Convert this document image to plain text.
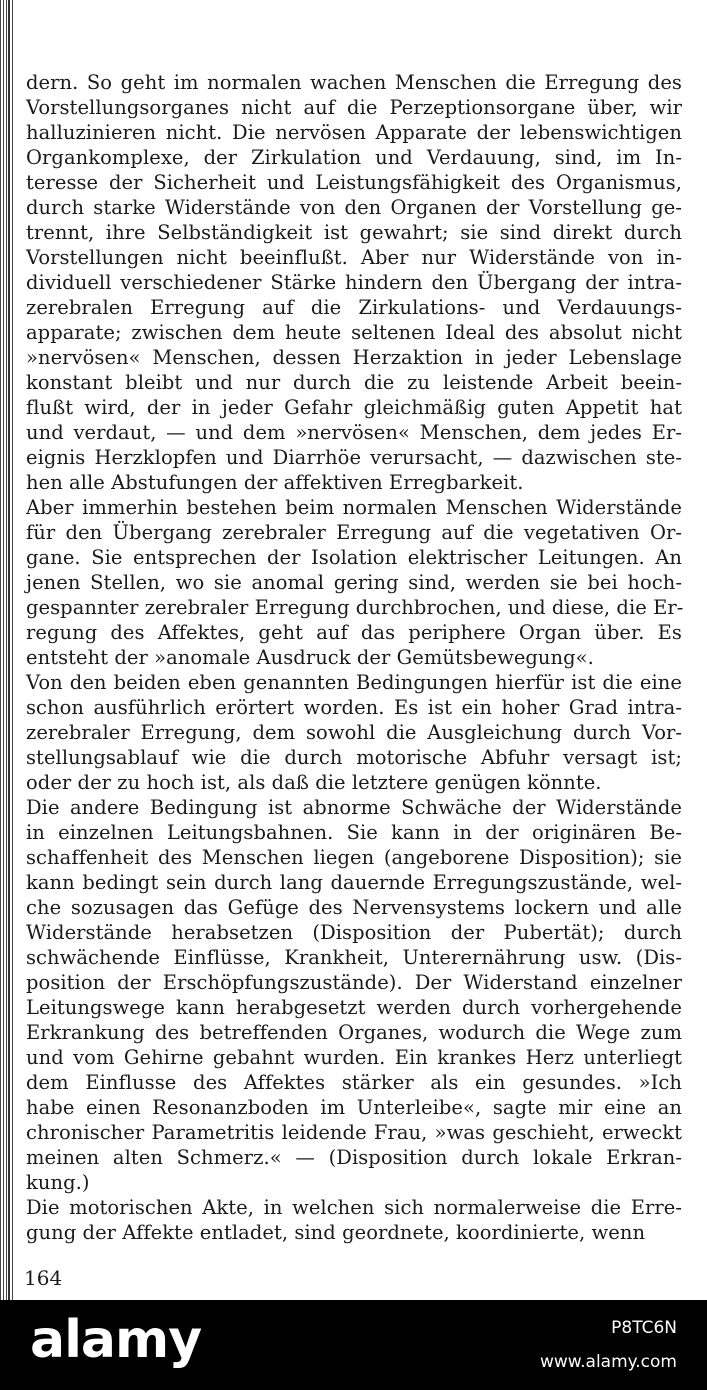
dern. So geht im normalen wachen Menschen die Erregung des
Vorstellungsorganes nicht auf die Perzeptionsorgane über, wir
halluzinieren nicht. Die nervösen Apparate der lebenswichtigen
Organkomplexe, der Zirkulation und Verdauung, sind, im In-
teresse der Sicherheit und Leistungsfähigkeit des Organismus,
durch starke Widerstände von den Organen der Vorstellung ge-
trennt, ihre Selbständigkeit ist gewahrt; sie sind direkt durch
Vorstellungen nicht beeinflußt. Aber nur Widerstände von in-
dividuell verschiedener Stärke hindern den Übergang der intra-
zerebralen Erregung auf die Zirkulations- und Verdauungs-
apparate; zwischen dem heute seltenen Ideal des absolut nicht
»nervösen« Menschen, dessen Herzaktion in jeder Lebenslage
konstant bleibt und nur durch die zu leistende Arbeit beein-
flußt wird, der in jeder Gefahr gleichmäßig guten Appetit hat
und verdaut, — und dem »nervösen« Menschen, dem jedes Er-
eignis Herzklopfen und Diarrhöe verursacht, — dazwischen ste-
hen alle Abstufungen der affektiven Erregbarkeit.
Aber immerhin bestehen beim normalen Menschen Widerstände
für den Übergang zerebraler Erregung auf die vegetativen Or-
gane. Sie entsprechen der Isolation elektrischer Leitungen. An
jenen Stellen, wo sie anomal gering sind, werden sie bei hoch-
gespannter zerebraler Erregung durchbrochen, und diese, die Er-
regung des Affektes, geht auf das periphere Organ über. Es
entsteht der »anomale Ausdruck der Gemütsbewegung«.
Von den beiden eben genannten Bedingungen hierfür ist die eine
schon ausführlich erörtert worden. Es ist ein hoher Grad intra-
zerebraler Erregung, dem sowohl die Ausgleichung durch Vor-
stellungsablauf wie die durch motorische Abfuhr versagt ist;
oder der zu hoch ist, als daß die letztere genügen könnte.
Die andere Bedingung ist abnorme Schwäche der Widerstände
in einzelnen Leitungsbahnen. Sie kann in der originären Be-
schaffenheit des Menschen liegen (angeborene Disposition); sie
kann bedingt sein durch lang dauernde Erregungszustände, wel-
che sozusagen das Gefüge des Nervensystems lockern und alle
Widerstände herabsetzen (Disposition der Pubertät); durch
schwächende Einflüsse, Krankheit, Unterernährung usw. (Dis-
position der Erschöpfungszustände). Der Widerstand einzelner
Leitungswege kann herabgesetzt werden durch vorhergehende
Erkrankung des betreffenden Organes, wodurch die Wege zum
und vom Gehirne gebahnt wurden. Ein krankes Herz unterliegt
dem Einflusse des Affektes stärker als ein gesundes. »Ich
habe einen Resonanzboden im Unterleibe«, sagte mir eine an
chronischer Parametritis leidende Frau, »was geschieht, erweckt
meinen alten Schmerz.« — (Disposition durch lokale Erkran-
kung.)
Die motorischen Akte, in welchen sich normalerweise die Erre-
gung der Affekte entladet, sind geordnete, koordinierte, wenn
164
alamy	P8TC6N
www.alamy.com
